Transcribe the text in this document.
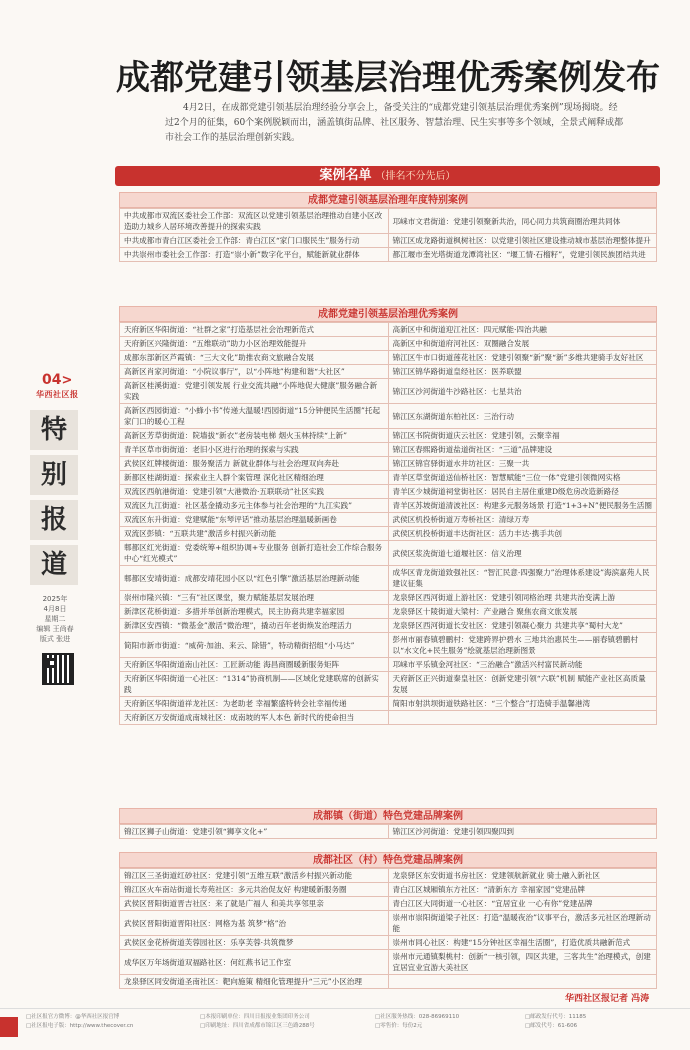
04>
华西社区报
特
别
报
道
2025年
4月8日
星期二
编辑 王尚春
版式 张进
成都党建引领基层治理优秀案例发布
4月2日，在成都党建引领基层治理经验分享会上，备受关注的“成都党建引领基层治理优秀案例”现场揭晓。经过2个月的征集，60个案例脱颖而出，涵盖镇街品牌、社区服务、智慧治理、民生实事等多个领域，全景式阐释成都市社会工作的基层治理创新实践。
案例名单 （排名不分先后）
成都党建引领基层治理年度特别案例
中共成都市双流区委社会工作部：双流区以党建引领基层治理推动自建小区改造助力城乡人居环境改善提升的探索实践	邛崃市文君街道：党建引领聚新共治，同心同力共筑商圈治理共同体
中共成都市青白江区委社会工作部：青白江区“家门口服民生”服务行动	锦江区成龙路街道枫树社区：以党建引领社区建设推动城市基层治理整体提升
中共崇州市委社会工作部：打造“崇小新”数字化平台，赋能新就业群体	都江堰市奎光塔街道龙潭湾社区：“堰工情·石榴籽”，党建引领民族团结共进
成都党建引领基层治理优秀案例
天府新区华阳街道：“社群之家”打造基层社会治理新范式	高新区中和街道迎江社区：四元赋能·四治共融
天府新区兴隆街道：“五维联动”助力小区治理效能提升	高新区中和街道府河社区：双圈融合发展
成都东部新区芦霞镇：“三大文化”助推农商文旅融合发展	锦江区牛市口街道莲花社区：党建引领聚“新”聚“新”多维共建骑手友好社区
高新区肖家河街道：“小院议事厅”，以“小阵地”构建和谐“大社区”	锦江区锦华路街道皇经社区：医养联盟
高新区桂溪街道：党建引领发展 行业交流共融“小阵地促大健康”服务融合新实践	锦江区沙河街道牛沙路社区：七星共治
高新区西园街道：“小蜂小书”传递大温暖!西园街道“15分钟便民生活圈”托起家门口的暖心工程	锦江区东湖街道东柏社区：三治行动
高新区芳草街街道：院墙拔“新衣”老房装电梯 烟火玉林持续“上新”	锦江区书院街街道庆云社区：党建引领，云聚幸福
青羊区草市街街道：老旧小区进行治理的探索与实践	锦江区春熙路街道盐道街社区：“三道”品牌建设
武侯区红牌楼街道：服务聚活力 新就业群体与社会治理双向奔赴	锦江区锦官驿街道水井坊社区：三聚一共
新都区桂湖街道：探索业主人群个案管理 深化社区精细治理	青羊区草堂街道送仙桥社区：智慧赋能“三位一体”党建引领微网实格
双流区西航港街道：党建引领“大港微治·五联联动”社区实践	青羊区少城街道祠堂街社区：居民自主居住重建D级危房改造新路径
双流区九江街道：社区基金撬动多元主体参与社会治理的“九江实践”	青羊区苏坡街道清波社区：构建多元服务场景 打造“1+3+N”便民服务生活圈
双流区东升街道：党建赋能“东琴评话”推动基层治理温暖新画卷	武侯区机投桥街道万寿桥社区：清绿万寿
双流区彭镇：“五联共建”激活乡村振兴新动能	武侯区机投桥街道丰达街社区：活力丰达·携手共创
郫都区红光街道：党委统筹+组织协调+专业服务 创新打造社会工作综合服务中心“红光模式”	武侯区浆洗街道七道堰社区：信义治理
郫都区安靖街道：成都安靖花园小区以“红色引擎”激活基层治理新动能	成华区青龙街道致强社区：“智汇民意·四强聚力”治理体系建设”海滨嘉苑人民建议征集
崇州市隆兴镇：“三有”社区课堂，聚力赋能基层发展治理	龙泉驿区西河街道上游社区：党建引领同格治理 共建共治变满上游
新津区花桥街道：多措并举创新治理模式，民主协商共建幸福家园	龙泉驿区十陵街道大梁村：产业融合 聚焦农商文旅发展
新津区安西镇：“微基金”激活“微治理”，撬动百年老街焕发治理活力	龙泉驿区西河街道长安社区：党建引领凝心聚力 共建共享“蜀村大龙”
简阳市新市街道：“威荷·加油、来云、除错”，特动精街招组“小马达”	彭州市丽春镇碧鹏村：党建跨界护碧水 三地共治惠民生——丽春镇碧鹏村以“水文化+民生服务”绘就基层治理新图景
天府新区华阳街道南山社区：工匠新动能 海昌商圈暖新服务矩阵	邛崃市平乐镇金河社区：“三治融合”激活兴村富民新动能
天府新区华阳街道一心社区：“1314”协商机制——区域化党建联席的创新实践	天府新区正兴街道秦皇社区：创新党建引领“六联”机制 赋能产业社区高质量发展
天府新区华阳街道祥龙社区：为老助老 幸福繁盛特转会社幸福传递	简阳市射洪坝街道铁路社区：“三个整合”打造骑手温馨港湾
天府新区万安街道成南城社区：成南坡的军人本色 新时代的使命担当	
成都镇（街道）特色党建品牌案例
锦江区狮子山街道：党建引领“狮享文化+”	锦江区沙河街道：党建引领四聚四到
成都社区（村）特色党建品牌案例
锦江区三圣街道红砂社区：党建引领“五维互联”激活乡村振兴新动能	龙泉驿区东安街道书房社区：党建领航新就业 骑士融入新社区
锦江区火车南站街道长寿苑社区：多元共治促友好 构建暖新服务圈	青白江区城厢镇东方社区：“清新东方 幸福家园”党建品牌
武侯区晋阳街道晋吉社区：来了就是广福人 和美共享邻里亲	青白江区大同街道一心社区：“宜居宜业 一心有你”党建品牌
武侯区晋阳街道晋阳社区：网格为基 筑梦“格”治	崇州市崇阳街道梁子社区：打造“温暖夜治”议事平台，激活多元社区治理新动能
武侯区金花桥街道芙蓉园社区：乐享芙蓉·共筑微梦	崇州市同心社区：构建“15分钟社区幸福生活圈”，打造优质共融新范式
成华区万年场街道双福路社区：何红燕书记工作室	崇州市元通镇梨桃村：创新“一核引领，四区共建，三客共生”治理模式，创建宜居宜业宜游大美社区
龙泉驿区同安街道圣南社区：靶向施策 精细化管理提升“三元”小区治理	
华西社区报记者 冯涛
□社区报官方微博：@华西社区报官博
□社区报电子版：http://www.thecover.cn
□本报印刷单位：四川日报报业集团印务公司
□印刷地址：四川省成都市锦江区三色路288号
□社区服务热线：028-86969110
□零售价：每份2元
□邮政发行代号：11185
□邮发代号：61-606
